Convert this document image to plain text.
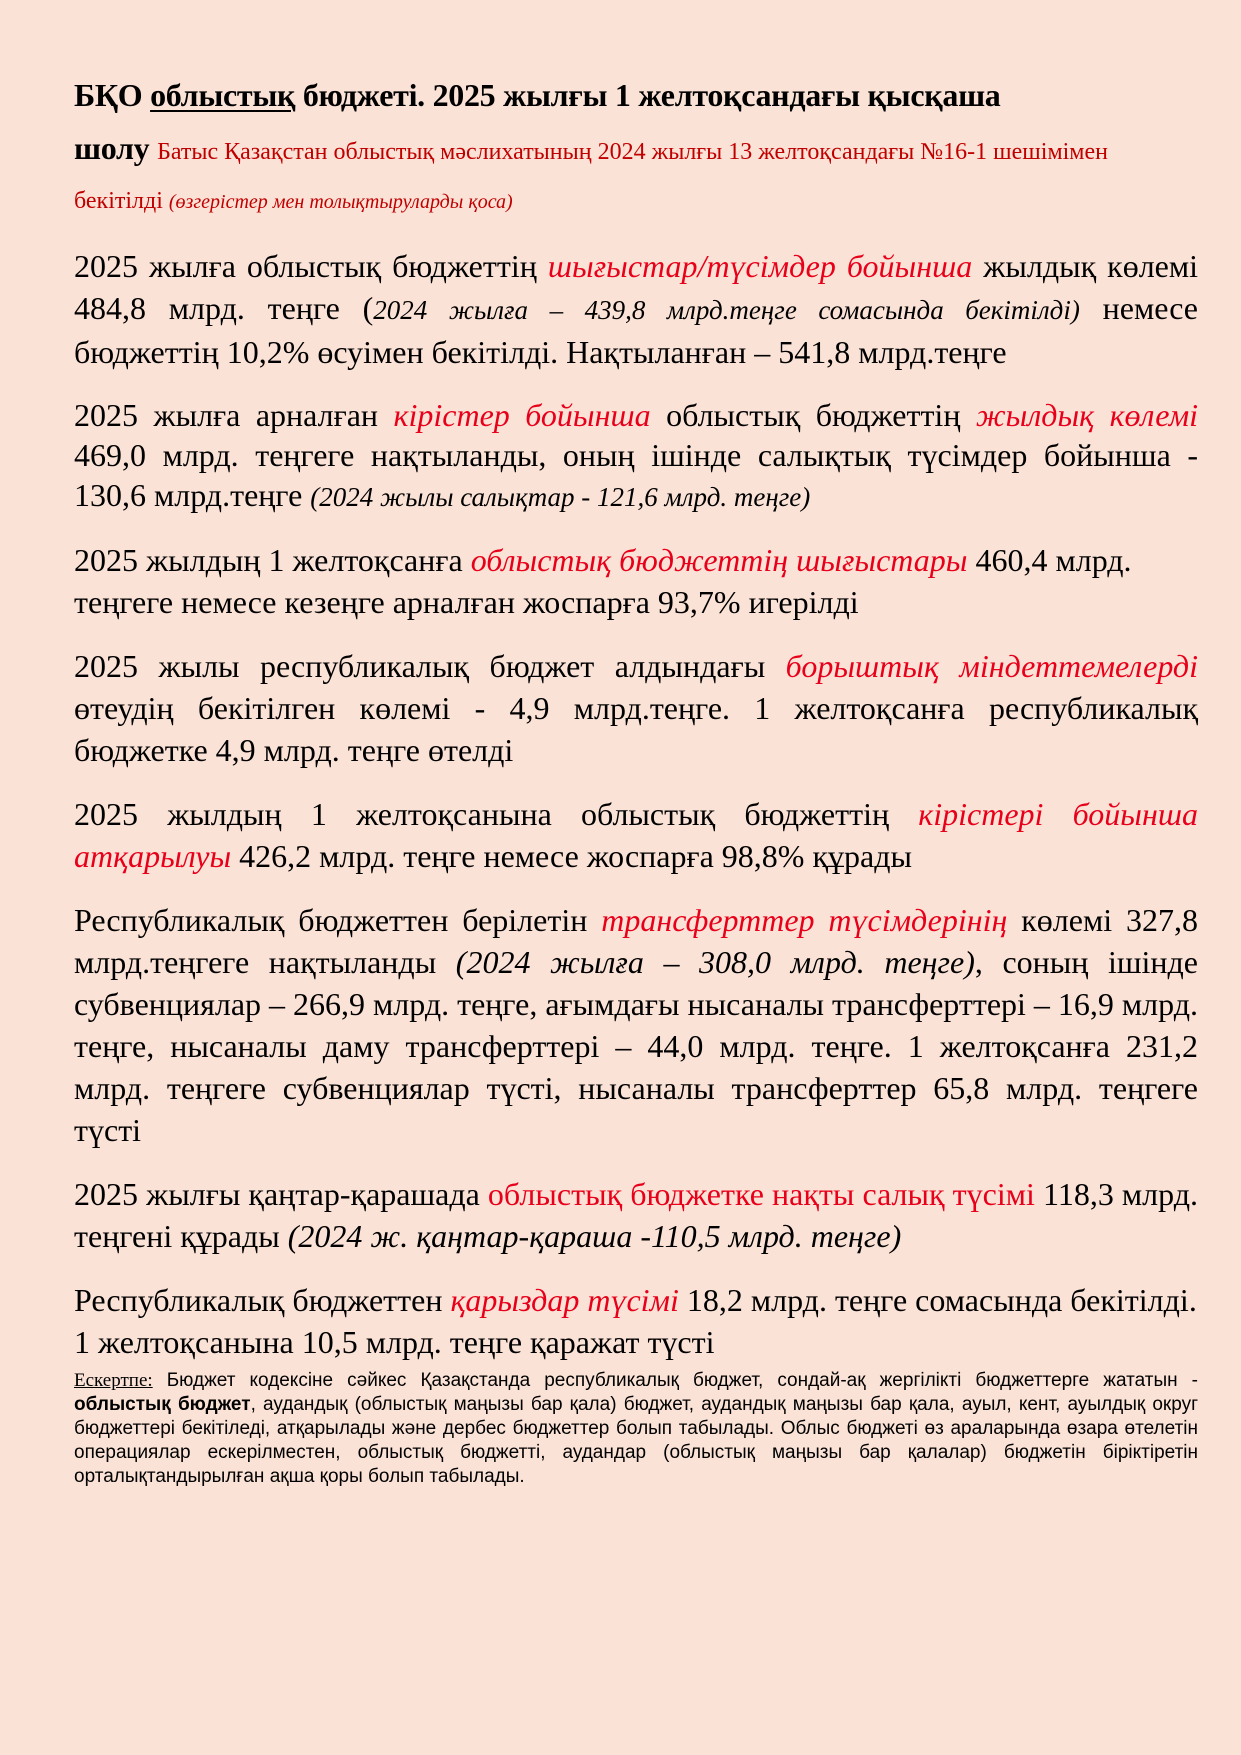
БҚО облыстық бюджеті. 2025 жылғы 1 желтоқсандағы қысқаша
шолу Батыс Қазақстан облыстық мәслихатының 2024 жылғы 13 желтоқсандағы №16-1 шешімімен бекітілді (өзгерістер мен толықтыруларды қоса)

2025 жылға облыстық бюджеттің шығыстар/түсімдер бойынша жылдық көлемі 484,8 млрд. теңге (2024 жылға – 439,8 млрд.теңге сомасында бекітілді) немесе бюджеттің 10,2% өсуімен бекітілді. Нақтыланған – 541,8 млрд.теңге

2025 жылға арналған кірістер бойынша облыстық бюджеттің жылдық көлемі 469,0 млрд. теңгеге нақтыланды, оның ішінде салықтық түсімдер бойынша - 130,6 млрд.теңге (2024 жылы салықтар - 121,6 млрд. теңге)

2025 жылдың 1 желтоқсанға облыстық бюджеттің шығыстары 460,4 млрд. теңгеге немесе кезеңге арналған жоспарға 93,7% игерілді

2025 жылы республикалық бюджет алдындағы борыштық міндеттемелерді өтеудің бекітілген көлемі - 4,9 млрд.теңге. 1 желтоқсанға республикалық бюджетке 4,9 млрд. теңге өтелді

2025 жылдың 1 желтоқсанына облыстық бюджеттің кірістері бойынша атқарылуы 426,2 млрд. теңге немесе жоспарға 98,8% құрады

Республикалық бюджеттен берілетін трансферттер түсімдерінің көлемі 327,8 млрд.теңгеге нақтыланды (2024 жылға – 308,0 млрд. теңге), соның ішінде субвенциялар – 266,9 млрд. теңге, ағымдағы нысаналы трансферттері – 16,9 млрд. теңге, нысаналы даму трансферттері – 44,0 млрд. теңге. 1 желтоқсанға 231,2 млрд. теңгеге субвенциялар түсті, нысаналы трансферттер 65,8 млрд. теңгеге түсті

2025 жылғы қаңтар-қарашада облыстық бюджетке нақты салық түсімі 118,3 млрд. теңгені құрады (2024 ж. қаңтар-қараша -110,5 млрд. теңге)

Республикалық бюджеттен қарыздар түсімі 18,2 млрд. теңге сомасында бекітілді. 1 желтоқсанына 10,5 млрд. теңге қаражат түсті

Ескертпе: Бюджет кодексіне сәйкес Қазақстанда республикалық бюджет, сондай-ақ жергілікті бюджеттерге жататын - облыстық бюджет, аудандық (облыстық маңызы бар қала) бюджет, аудандық маңызы бар қала, ауыл, кент, ауылдық округ бюджеттері бекітіледі, атқарылады және дербес бюджеттер болып табылады. Облыс бюджеті өз араларында өзара өтелетін операциялар ескерілместен, облыстық бюджетті, аудандар (облыстық маңызы бар қалалар) бюджетін біріктіретін орталықтандырылған ақша қоры болып табылады.
